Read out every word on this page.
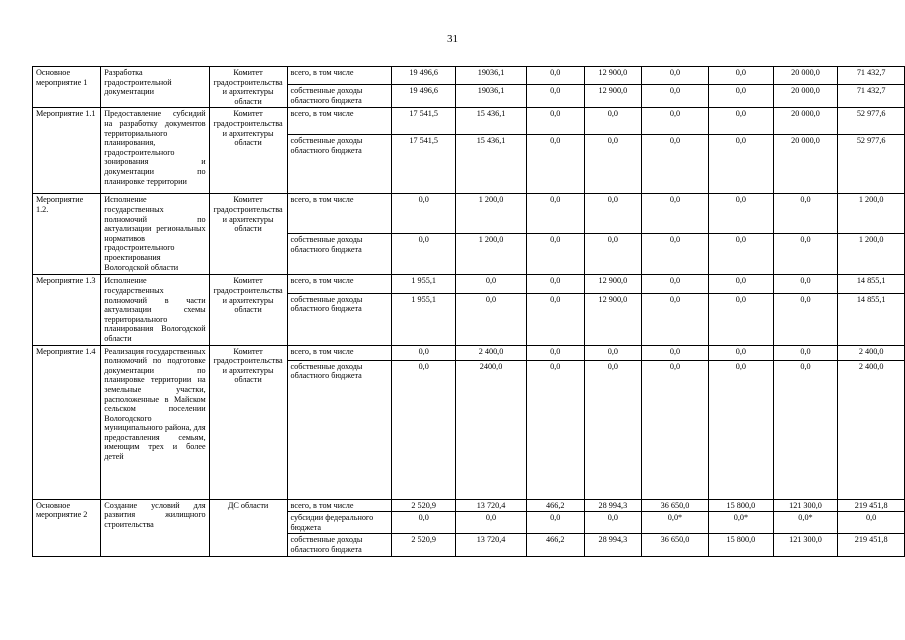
31
Основное мероприятие 1	Разработка градостроительной документации	Комитет градостроительства и архитектуры области	всего, в том числе	19 496,6	19036,1	0,0	12 900,0	0,0	0,0	20 000,0	71 432,7
			собственные доходы областного бюджета	19 496,6	19036,1	0,0	12 900,0	0,0	0,0	20 000,0	71 432,7
Мероприятие 1.1	Предоставление субсидий на разработку документов территориального планирования, градостроительного зонирования и документации по планировке территории	Комитет градостроительства и архитектуры области	всего, в том числе	17 541,5	15 436,1	0,0	0,0	0,0	0,0	20 000,0	52 977,6
			собственные доходы областного бюджета	17 541,5	15 436,1	0,0	0,0	0,0	0,0	20 000,0	52 977,6
Мероприятие 1.2.	Исполнение государственных полномочий по актуализации региональных нормативов градостроительного проектирования Вологодской области	Комитет градостроительства и архитектуры области	всего, в том числе	0,0	1 200,0	0,0	0,0	0,0	0,0	0,0	1 200,0
			собственные доходы областного бюджета	0,0	1 200,0	0,0	0,0	0,0	0,0	0,0	1 200,0
Мероприятие 1.3	Исполнение государственных полномочий в части актуализации схемы территориального планирования Вологодской области	Комитет градостроительства и архитектуры области	всего, в том числе	1 955,1	0,0	0,0	12 900,0	0,0	0,0	0,0	14 855,1
			собственные доходы областного бюджета	1 955,1	0,0	0,0	12 900,0	0,0	0,0	0,0	14 855,1
Мероприятие 1.4	Реализация государственных полномочий по подготовке документации по планировке территории на земельные участки, расположенные в Майском сельском поселении Вологодского муниципального района, для предоставления семьям, имеющим трех и более детей	Комитет градостроительства и архитектуры области	всего, в том числе	0,0	2 400,0	0,0	0,0	0,0	0,0	0,0	2 400,0
			собственные доходы областного бюджета	0,0	2400,0	0,0	0,0	0,0	0,0	0,0	2 400,0
Основное мероприятие 2	Создание условий для развития жилищного строительства	ДС области	всего, в том числе	2 520,9	13 720,4	466,2	28 994,3	36 650,0	15 800,0	121 300,0	219 451,8
			субсидии федерального бюджета	0,0	0,0	0,0	0,0	0,0*	0,0*	0,0*	0,0
			собственные доходы областного бюджета	2 520,9	13 720,4	466,2	28 994,3	36 650,0	15 800,0	121 300,0	219 451,8
